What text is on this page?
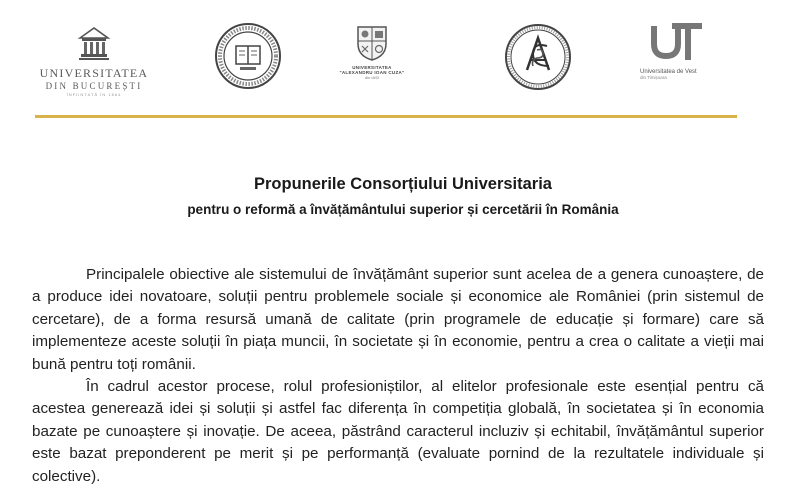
UNIVERSITATEA
DIN BUCUREȘTI
ÎNFIINȚATĂ ÎN 1864
UNIVERSITATEA
"ALEXANDRU IOAN CUZA"
din IAȘI
Universitatea de Vest
din Timișoara
Propunerile Consorțiului Universitaria
pentru o reformă a învățământului superior și cercetării în România

Principalele obiective ale sistemului de învățământ superior sunt acelea de a genera cunoaștere, de a produce idei novatoare, soluții pentru problemele sociale și economice ale României (prin sistemul de cercetare), de a forma resursă umană de calitate (prin programele de educație și formare) care să implementeze aceste soluții în piața muncii, în societate și în economie, pentru a crea o calitate a vieții mai bună pentru toți românii.

În cadrul acestor procese, rolul profesioniștilor, al elitelor profesionale este esențial pentru că acestea generează idei și soluții și astfel fac diferența în competiția globală, în societatea și în economia bazate pe cunoaștere și inovație. De aceea, păstrând caracterul incluziv și echitabil, învățământul superior este bazat preponderent pe merit și pe performanță (evaluate pornind de la rezultatele individuale și colective).
